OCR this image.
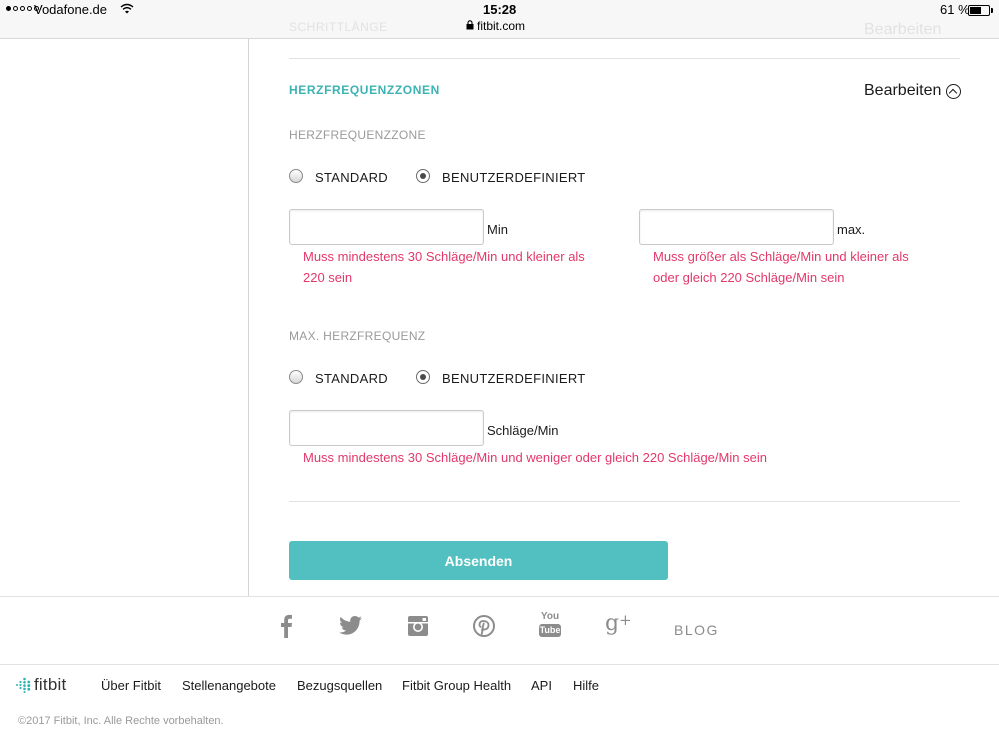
Vodafone.de	15:28
fitbit.com
61 %
SCHRITTLÄNGE	Bearbeiten
HERZFREQUENZZONEN	Bearbeiten
HERZFREQUENZZONE
STANDARD	BENUTZERDEFINIERT
Min
Muss mindestens 30 Schläge/Min und kleiner als
220 sein
max.
Muss größer als Schläge/Min und kleiner als
oder gleich 220 Schläge/Min sein
MAX. HERZFREQUENZ
STANDARD	BENUTZERDEFINIERT
Schläge/Min
Muss mindestens 30 Schläge/Min und weniger oder gleich 220 Schläge/Min sein
Absenden
You
Tube g+
BLOG
fitbit	Über Fitbit Stellenangebote Bezugsquellen Fitbit Group Health API Hilfe
©2017 Fitbit, Inc. Alle Rechte vorbehalten.
